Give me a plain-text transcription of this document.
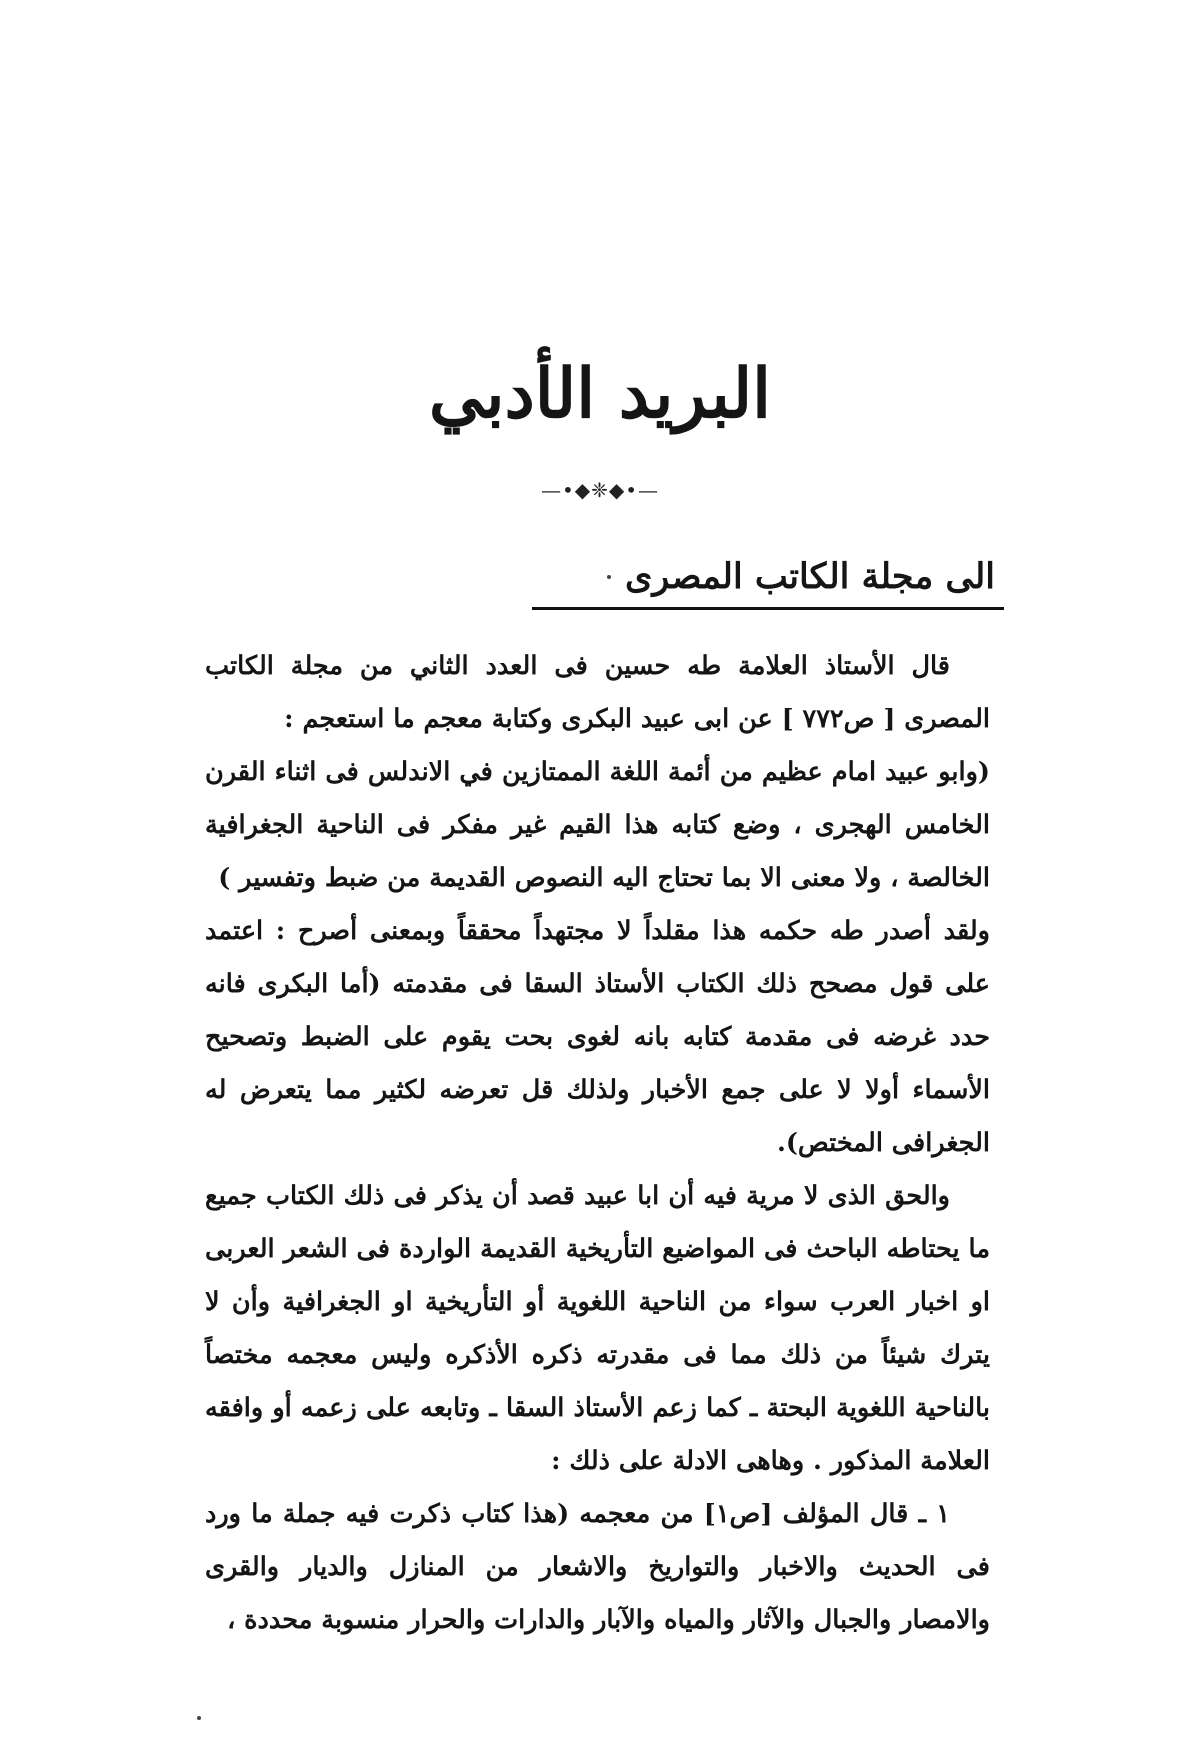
البريد الأدبي
—•◆❈◆•—
الى مجلة الكاتب المصرى

قال الأستاذ العلامة طه حسين فى العدد الثاني من مجلة الكاتب المصرى [ ص٧٧٢ ] عن ابى عبيد البكرى وكتابة معجم ما استعجم :

(وابو عبيد امام عظيم من أئمة اللغة الممتازين في الاندلس فى اثناء القرن الخامس الهجرى ، وضع كتابه هذا القيم غير مفكر فى الناحية الجغرافية الخالصة ، ولا معنى الا بما تحتاج اليه النصوص القديمة من ضبط وتفسير )

ولقد أصدر طه حكمه هذا مقلداً لا مجتهداً محققاً وبمعنى أصرح : اعتمد على قول مصحح ذلك الكتاب الأستاذ السقا فى مقدمته (أما البكرى فانه حدد غرضه فى مقدمة كتابه بانه لغوى بحت يقوم على الضبط وتصحيح الأسماء أولا لا على جمع الأخبار ولذلك قل تعرضه لكثير مما يتعرض له الجغرافى المختص).

والحق الذى لا مرية فيه أن ابا عبيد قصد أن يذكر فى ذلك الكتاب جميع ما يحتاطه الباحث فى المواضيع التأريخية القديمة الواردة فى الشعر العربى او اخبار العرب سواء من الناحية اللغوية أو التأريخية او الجغرافية وأن لا يترك شيئاً من ذلك مما فى مقدرته ذكره الأذكره وليس معجمه مختصاً بالناحية اللغوية البحتة ـ كما زعم الأستاذ السقا ـ وتابعه على زعمه أو وافقه العلامة المذكور . وهاهى الادلة على ذلك :

١ ـ قال المؤلف [ص١] من معجمه (هذا كتاب ذكرت فيه جملة ما ورد فى الحديث والاخبار والتواريخ والاشعار من المنازل والديار والقرى والامصار والجبال والآثار والمياه والآبار والدارات والحرار منسوبة محددة ،
